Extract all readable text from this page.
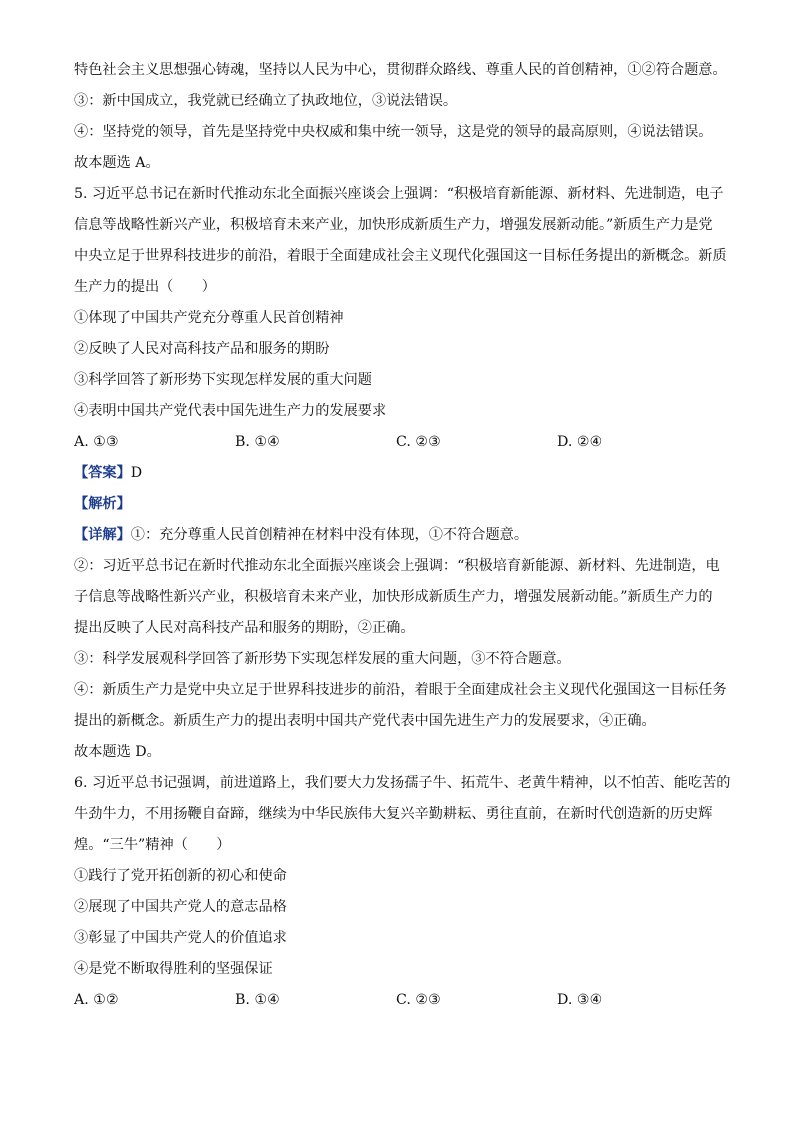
特色社会主义思想强心铸魂，坚持以人民为中心，贯彻群众路线、尊重人民的首创精神，①②符合题意。

③：新中国成立，我党就已经确立了执政地位，③说法错误。

④：坚持党的领导，首先是坚持党中央权威和集中统一领导，这是党的领导的最高原则，④说法错误。

故本题选 A。

5. 习近平总书记在新时代推动东北全面振兴座谈会上强调：“积极培育新能源、新材料、先进制造，电子

信息等战略性新兴产业，积极培育未来产业，加快形成新质生产力，增强发展新动能。”新质生产力是党

中央立足于世界科技进步的前沿，着眼于全面建成社会主义现代化强国这一目标任务提出的新概念。新质

生产力的提出（　　）

①体现了中国共产党充分尊重人民首创精神

②反映了人民对高科技产品和服务的期盼

③科学回答了新形势下实现怎样发展的重大问题

④表明中国共产党代表中国先进生产力的发展要求

A. ①③	B. ①④	C. ②③	D. ②④

【答案】D

【解析】

【详解】①：充分尊重人民首创精神在材料中没有体现，①不符合题意。

②：习近平总书记在新时代推动东北全面振兴座谈会上强调：“积极培育新能源、新材料、先进制造，电

子信息等战略性新兴产业，积极培育未来产业，加快形成新质生产力，增强发展新动能。”新质生产力的

提出反映了人民对高科技产品和服务的期盼，②正确。

③：科学发展观科学回答了新形势下实现怎样发展的重大问题，③不符合题意。

④：新质生产力是党中央立足于世界科技进步的前沿，着眼于全面建成社会主义现代化强国这一目标任务

提出的新概念。新质生产力的提出表明中国共产党代表中国先进生产力的发展要求，④正确。

故本题选 D。

6. 习近平总书记强调，前进道路上，我们要大力发扬孺子牛、拓荒牛、老黄牛精神，以不怕苦、能吃苦的

牛劲牛力，不用扬鞭自奋蹄，继续为中华民族伟大复兴辛勤耕耘、勇往直前，在新时代创造新的历史辉

煌。“三牛”精神（　　）

①践行了党开拓创新的初心和使命

②展现了中国共产党人的意志品格

③彰显了中国共产党人的价值追求

④是党不断取得胜利的坚强保证

A. ①②	B. ①④	C. ②③	D. ③④
